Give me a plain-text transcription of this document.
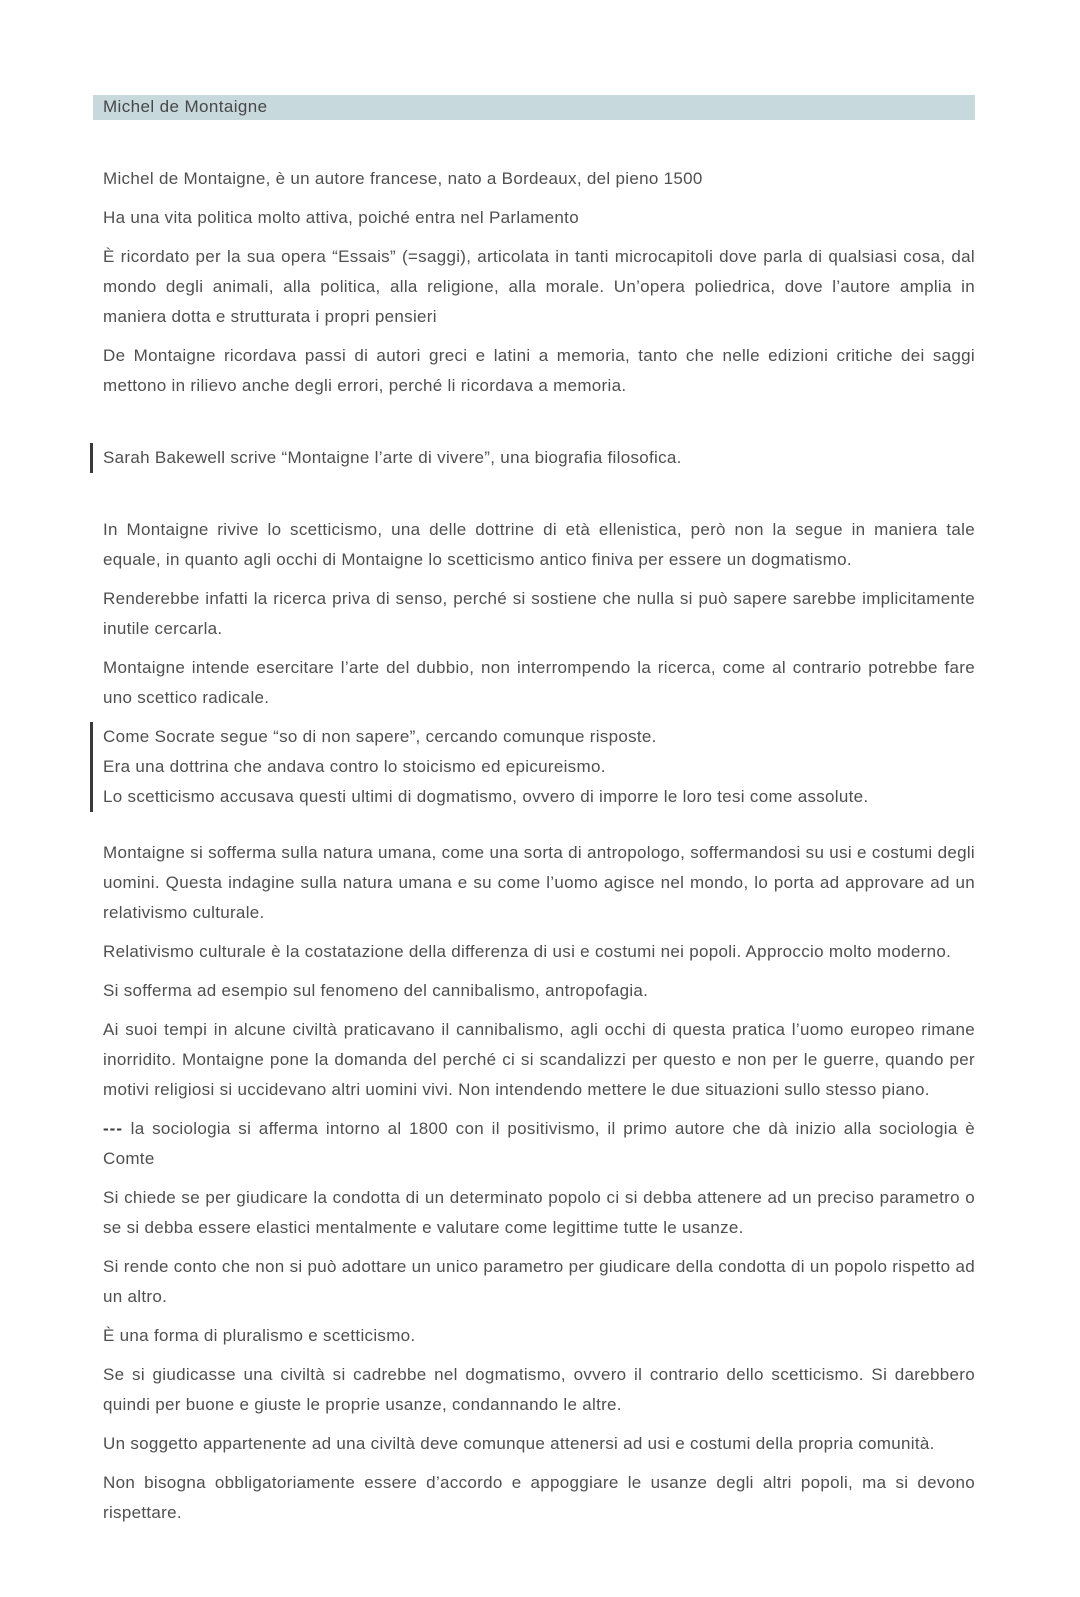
Michel de Montaigne

Michel de Montaigne, è un autore francese, nato a Bordeaux, del pieno 1500

Ha una vita politica molto attiva, poiché entra nel Parlamento

È ricordato per la sua opera “Essais” (=saggi), articolata in tanti microcapitoli dove parla di qualsiasi cosa, dal mondo degli animali, alla politica, alla religione, alla morale. Un’opera poliedrica, dove l’autore amplia in maniera dotta e strutturata i propri pensieri

De Montaigne ricordava passi di autori greci e latini a memoria, tanto che nelle edizioni critiche dei saggi mettono in rilievo anche degli errori, perché li ricordava a memoria.

Sarah Bakewell scrive “Montaigne l’arte di vivere”, una biografia filosofica.

In Montaigne rivive lo scetticismo, una delle dottrine di età ellenistica, però non la segue in maniera tale equale, in quanto agli occhi di Montaigne lo scetticismo antico finiva per essere un dogmatismo.

Renderebbe infatti la ricerca priva di senso, perché si sostiene che nulla si può sapere sarebbe implicitamente inutile cercarla.

Montaigne intende esercitare l’arte del dubbio, non interrompendo la ricerca, come al contrario potrebbe fare uno scettico radicale.

Come Socrate segue “so di non sapere”, cercando comunque risposte.
Era una dottrina che andava contro lo stoicismo ed epicureismo.
Lo scetticismo accusava questi ultimi di dogmatismo, ovvero di imporre le loro tesi come assolute.

Montaigne si sofferma sulla natura umana, come una sorta di antropologo, soffermandosi su usi e costumi degli uomini. Questa indagine sulla natura umana e su come l’uomo agisce nel mondo, lo porta ad approvare ad un relativismo culturale.

Relativismo culturale è la costatazione della differenza di usi e costumi nei popoli. Approccio molto moderno.

Si sofferma ad esempio sul fenomeno del cannibalismo, antropofagia.

Ai suoi tempi in alcune civiltà praticavano il cannibalismo, agli occhi di questa pratica l’uomo europeo rimane inorridito. Montaigne pone la domanda del perché ci si scandalizzi per questo e non per le guerre, quando per motivi religiosi si uccidevano altri uomini vivi. Non intendendo mettere le due situazioni sullo stesso piano.

--- la sociologia si afferma intorno al 1800 con il positivismo, il primo autore che dà inizio alla sociologia è Comte

Si chiede se per giudicare la condotta di un determinato popolo ci si debba attenere ad un preciso parametro o se si debba essere elastici mentalmente e valutare come legittime tutte le usanze.

Si rende conto che non si può adottare un unico parametro per giudicare della condotta di un popolo rispetto ad un altro.

È una forma di pluralismo e scetticismo.

Se si giudicasse una civiltà si cadrebbe nel dogmatismo, ovvero il contrario dello scetticismo. Si darebbero quindi per buone e giuste le proprie usanze, condannando le altre.

Un soggetto appartenente ad una civiltà deve comunque attenersi ad usi e costumi della propria comunità.

Non bisogna obbligatoriamente essere d’accordo e appoggiare le usanze degli altri popoli, ma si devono rispettare.
